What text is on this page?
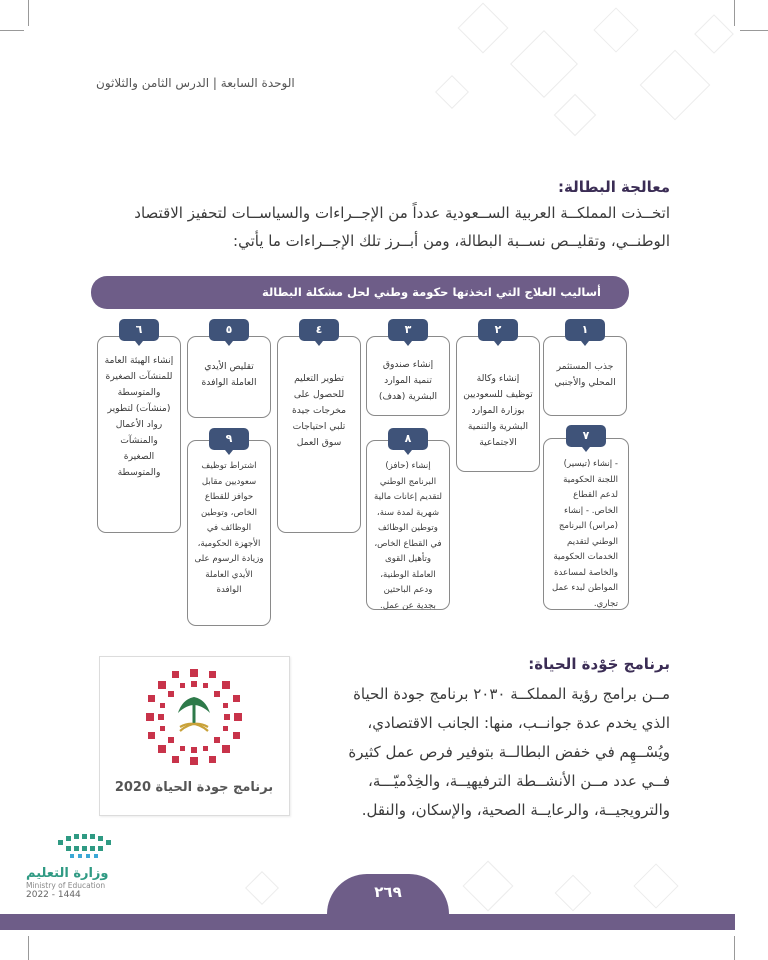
الوحدة السابعة | الدرس الثامن والثلاثون
معالجة البطالة:
اتخــذت المملكــة العربية الســعودية عدداً من الإجــراءات والسياســات لتحفيز الاقتصاد
الوطنــي، وتقليــص نســبة البطالة، ومن أبــرز تلك الإجــراءات ما يأتي:
أساليب العلاج التي اتخذتها حكومة وطني لحل مشكلة البطالة
جذب المستثمر المحلي والأجنبي
١
إنشاء وكالة توظيف للسعوديين بوزارة الموارد البشرية والتنمية الاجتماعية
٢
إنشاء صندوق تنمية الموارد البشرية (هدف)
٣
تطوير التعليم للحصول على مخرجات جيدة تلبي احتياجات سوق العمل
٤
تقليص الأيدي العاملة الوافدة
٥
إنشاء الهيئة العامة للمنشآت الصغيرة والمتوسطة (منشآت) لتطوير رواد الأعمال والمنشآت الصغيرة والمتوسطة
٦
- إنشاء (تيسير) اللجنة الحكومية لدعم القطاع الخاص. - إنشاء (مراس) البرنامج الوطني لتقديم الخدمات الحكومية والخاصة لمساعدة المواطن لبدء عمل تجاري.
٧
إنشاء (حافز) البرنامج الوطني لتقديم إعانات مالية شهرية لمدة سنة، وتوطين الوظائف في القطاع الخاص، وتأهيل القوى العاملة الوطنية، ودعم الباحثين بجدية عن عمل.
٨
اشتراط توظيف سعوديين مقابل حوافز للقطاع الخاص، وتوطين الوظائف في الأجهزة الحكومية، وزيادة الرسوم على الأيدي العاملة الوافدة
٩
برنامج جَوْدة الحياة:
مــن برامج رؤية المملكــة ٢٠٣٠ برنامج جودة الحياة
الذي يخدم عدة جوانــب، منها: الجانب الاقتصادي،
ويُسْــهِم في خفض البطالــة بتوفير فرص عمل كثيرة
فــي عدد مــن الأنشــطة الترفيهيــة، والخِدْميّـــة،
والترويجيــة، والرعايــة الصحية، والإسكان، والنقل.
برنامج جودة الحياة 2020
وزارة التعليم
Ministry of Education
2022 - 1444	٢٦٩
